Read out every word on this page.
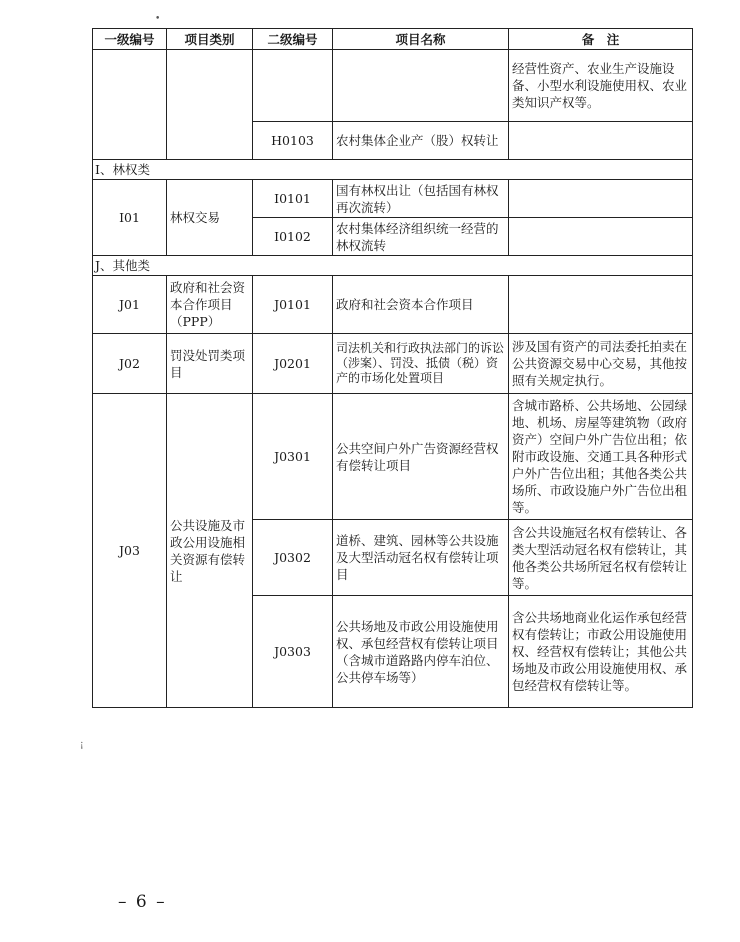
•
¡
一级编号	项目类别	二级编号	项目名称	备　注
				经营性资产、农业生产设施设备、小型水利设施使用权、农业类知识产权等。
		H0103	农村集体企业产（股）权转让	
I、林权类				
I01	林权交易	I0101	国有林权出让（包括国有林权再次流转）	
		I0102	农村集体经济组织统一经营的林权流转	
J、其他类				
J01	政府和社会资本合作项目（PPP）	J0101	政府和社会资本合作项目	
J02	罚没处罚类项目	J0201	司法机关和行政执法部门的诉讼（涉案）、罚没、抵债（税）资产的市场化处置项目	涉及国有资产的司法委托拍卖在公共资源交易中心交易，其他按照有关规定执行。
J03	公共设施及市政公用设施相关资源有偿转让	J0301	公共空间户外广告资源经营权有偿转让项目	含城市路桥、公共场地、公园绿地、机场、房屋等建筑物（政府资产）空间户外广告位出租；依附市政设施、交通工具各种形式户外广告位出租；其他各类公共场所、市政设施户外广告位出租等。
		J0302	道桥、建筑、园林等公共设施及大型活动冠名权有偿转让项目	含公共设施冠名权有偿转让、各类大型活动冠名权有偿转让，其他各类公共场所冠名权有偿转让等。
		J0303	公共场地及市政公用设施使用权、承包经营权有偿转让项目（含城市道路路内停车泊位、公共停车场等）	含公共场地商业化运作承包经营权有偿转让；市政公用设施使用权、经营权有偿转让；其他公共场地及市政公用设施使用权、承包经营权有偿转让等。
– 6 –
